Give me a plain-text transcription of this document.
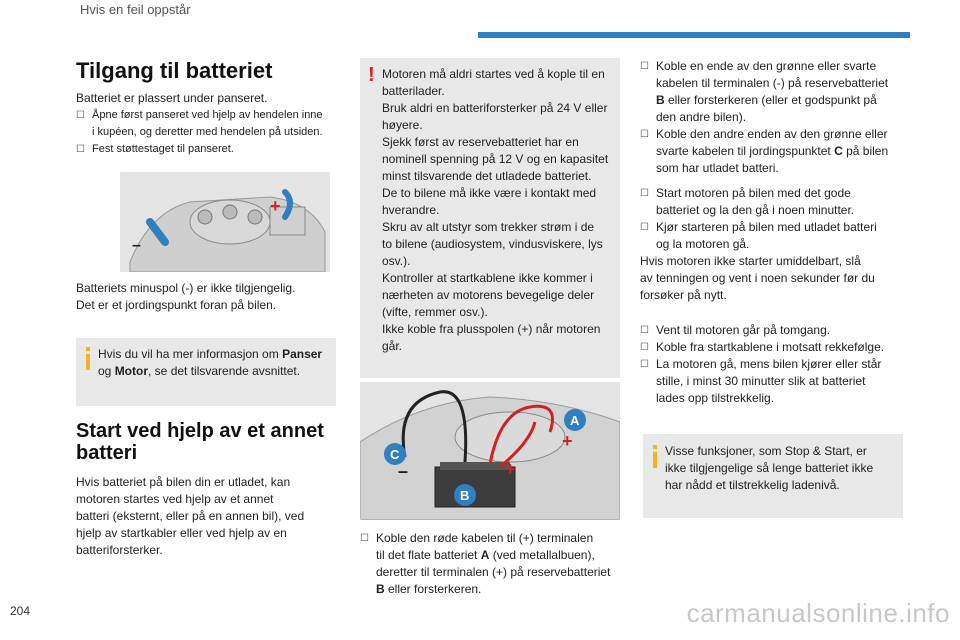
Hvis en feil oppstår
Tilgang til batteriet

Batteriet er plassert under panseret.

☐ Åpne først panseret ved hjelp av hendelen inne
i kupéen, og deretter med hendelen på utsiden.
☐ Fest støttestaget til panseret.
–
+

Batteriets minuspol (-) er ikke tilgjengelig.

Det er et jordingspunkt foran på bilen.

Hvis du vil ha mer informasjon om Panser
og Motor, se det tilsvarende avsnittet.

Start ved hjelp av et annet
batteri

Hvis batteriet på bilen din er utladet, kan

motoren startes ved hjelp av et annet

batteri (eksternt, eller på en annen bil), ved

hjelp av startkabler eller ved hjelp av en

batteriforsterker.

! Motoren må aldri startes ved å kople til en

batterilader.

Bruk aldri en batteriforsterker på 24 V eller

høyere.

Sjekk først av reservebatteriet har en

nominell spenning på 12 V og en kapasitet

minst tilsvarende det utladede batteriet.

De to bilene må ikke være i kontakt med

hverandre.

Skru av alt utstyr som trekker strøm i de

to bilene (audiosystem, vindusviskere, lys

osv.).

Kontroller at startkablene ikke kommer i

nærheten av motorens bevegelige deler

(vifte, remmer osv.).

Ikke koble fra plusspolen (+) når motoren

går.

A
B
C
–
+
+
☐ Koble den røde kabelen til (+) terminalen
til det flate batteriet A (ved metallalbuen),
deretter til terminalen (+) på reservebatteriet
B eller forsterkeren.
☐ Koble en ende av den grønne eller svarte
kabelen til terminalen (-) på reservebatteriet
B eller forsterkeren (eller et godspunkt på
den andre bilen).
☐ Koble den andre enden av den grønne eller
svarte kabelen til jordingspunktet C på bilen
som har utladet batteri.
☐ Start motoren på bilen med det gode
batteriet og la den gå i noen minutter.
☐ Kjør starteren på bilen med utladet batteri
og la motoren gå.

Hvis motoren ikke starter umiddelbart, slå

av tenningen og vent i noen sekunder før du

forsøker på nytt.

☐ Vent til motoren går på tomgang.
☐ Koble fra startkablene i motsatt rekkefølge.
☐ La motoren gå, mens bilen kjører eller står
stille, i minst 30 minutter slik at batteriet
lades opp tilstrekkelig.

Visse funksjoner, som Stop & Start, er

ikke tilgjengelige så lenge batteriet ikke

har nådd et tilstrekkelig ladenivå.

204	carmanualsonline.info
